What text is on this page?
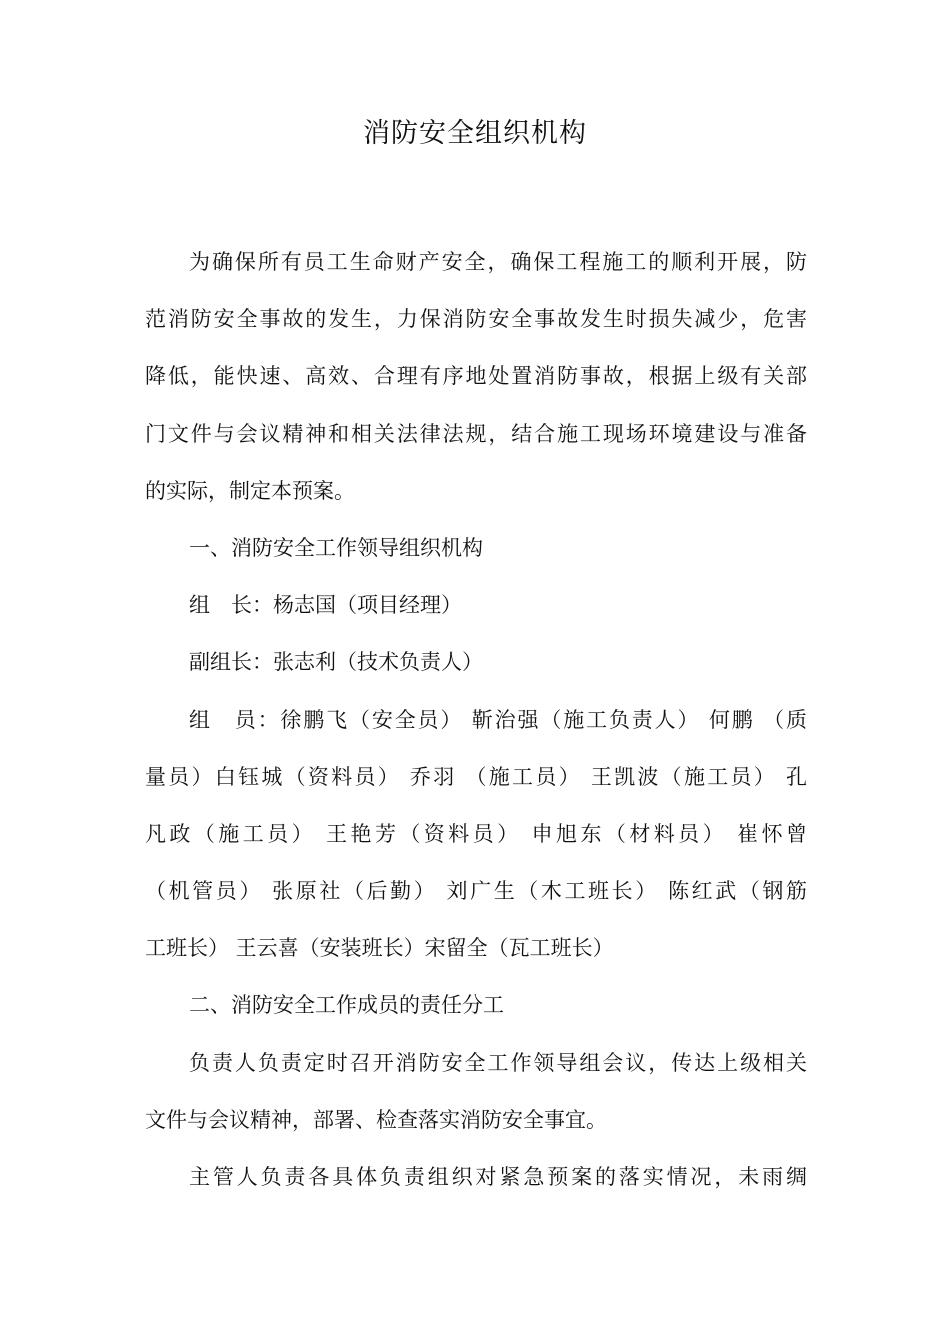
消防安全组织机构
为确保所有员工生命财产安全，确保工程施工的顺利开展，防
范消防安全事故的发生，力保消防安全事故发生时损失减少，危害
降低，能快速、高效、合理有序地处置消防事故，根据上级有关部
门文件与会议精神和相关法律法规，结合施工现场环境建设与准备
的实际，制定本预案。
一、消防安全工作领导组织机构
组　长：杨志国（项目经理）
副组长：张志利（技术负责人）
组　员：徐鹏飞（安全员） 靳治强（施工负责人） 何鹏 （质
量员）白钰城（资料员） 乔羽 （施工员） 王凯波（施工员） 孔
凡政（施工员） 王艳芳（资料员） 申旭东（材料员） 崔怀曾
（机管员） 张原社（后勤） 刘广生（木工班长） 陈红武（钢筋
工班长） 王云喜（安装班长）宋留全（瓦工班长）
二、消防安全工作成员的责任分工
负责人负责定时召开消防安全工作领导组会议，传达上级相关
文件与会议精神，部署、检查落实消防安全事宜。
主管人负责各具体负责组织对紧急预案的落实情况，未雨绸
